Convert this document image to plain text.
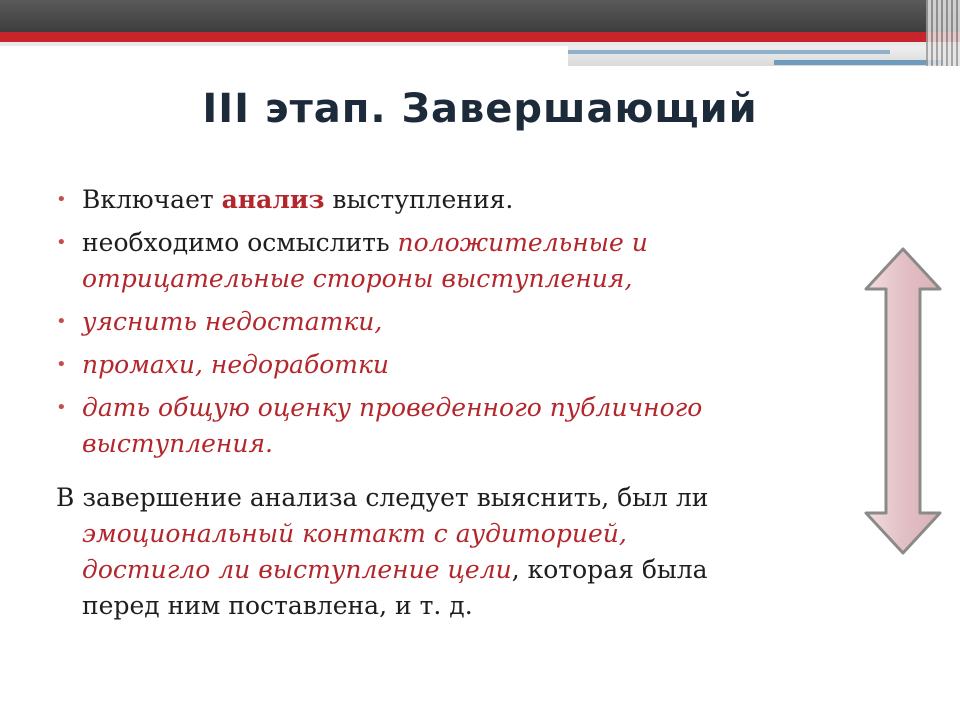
III этап. Завершающий
• Включает анализ выступления.
• необходимо осмыслить положительные и отрицательные стороны выступления,
• уяснить недостатки,
• промахи, недоработки
• дать общую оценку проведенного публичного выступления.
В завершение анализа следует выяснить, был ли
эмоциональный контакт с аудиторией,
достигло ли выступление цели, которая была
перед ним поставлена, и т. д.
